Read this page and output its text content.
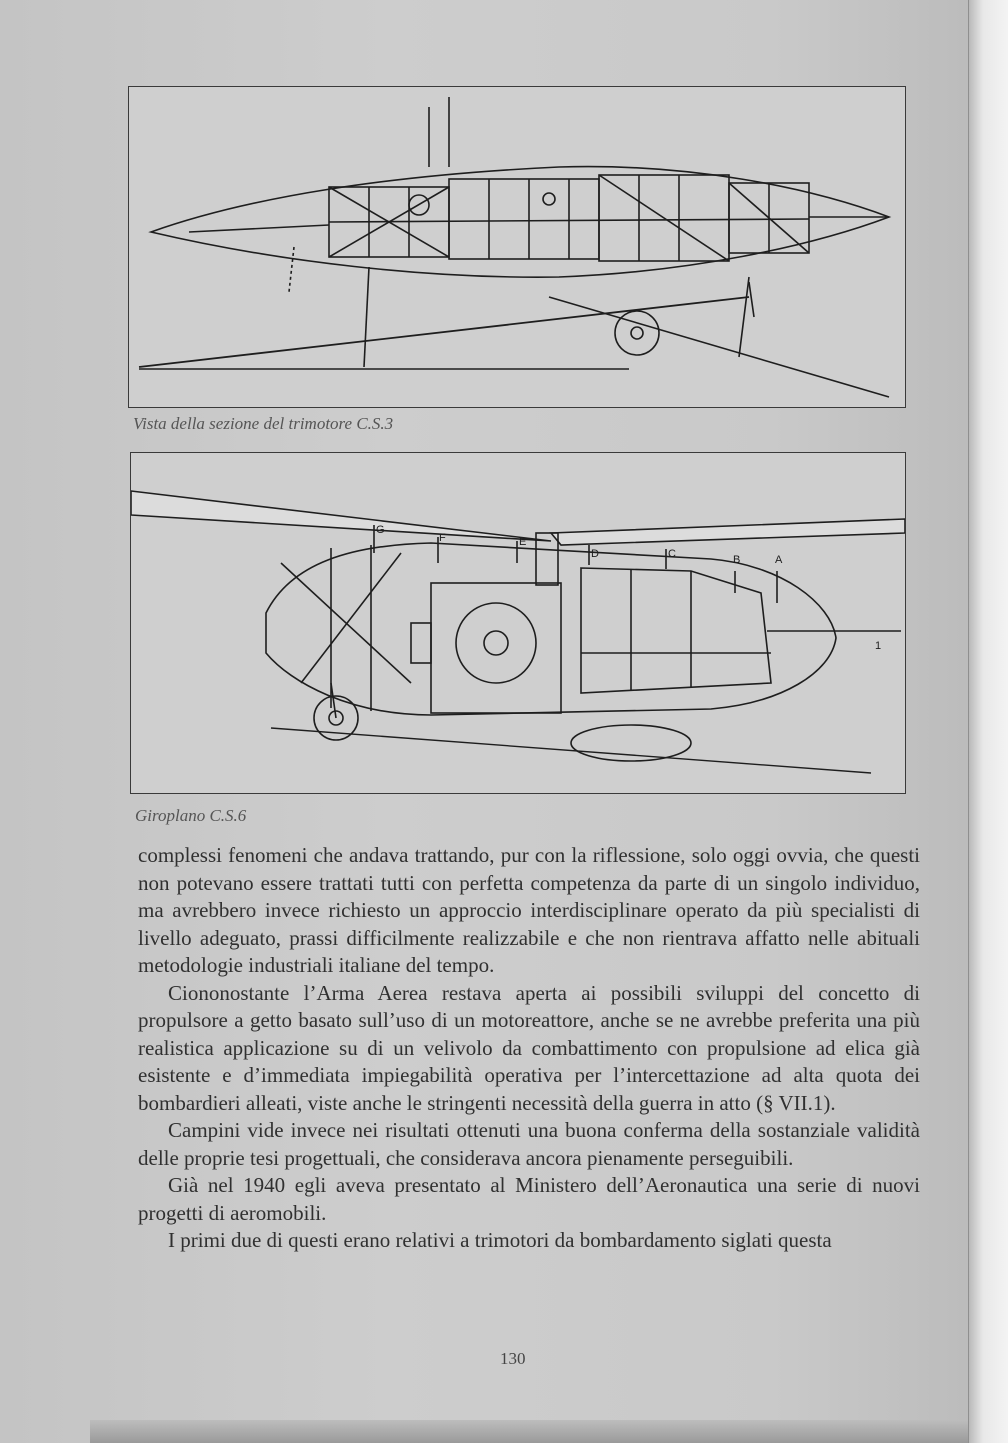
Vista della sezione del trimotore C.S.3
G
F	E
D	C	B	A
1
Giroplano C.S.6

complessi fenomeni che andava trattando, pur con la riflessione, solo oggi ovvia, che questi non potevano essere trattati tutti con perfetta competenza da parte di un singolo individuo, ma avrebbero invece richiesto un approccio interdisciplinare operato da più specialisti di livello adeguato, prassi difficilmente realizzabile e che non rientrava affatto nelle abituali metodologie industriali italiane del tempo.

Ciononostante l’Arma Aerea restava aperta ai possibili sviluppi del concetto di propulsore a getto basato sull’uso di un motoreattore, anche se ne avrebbe preferita una più realistica applicazione su di un velivolo da combattimento con propulsione ad elica già esistente e d’immediata impiegabilità operativa per l’intercettazione ad alta quota dei bombardieri alleati, viste anche le stringenti necessità della guerra in atto (§ VII.1).

Campini vide invece nei risultati ottenuti una buona conferma della sostanziale validità delle proprie tesi progettuali, che considerava ancora pienamente perseguibili.

Già nel 1940 egli aveva presentato al Ministero dell’Aeronautica una serie di nuovi progetti di aeromobili.

I primi due di questi erano relativi a trimotori da bombardamento siglati questa

130
